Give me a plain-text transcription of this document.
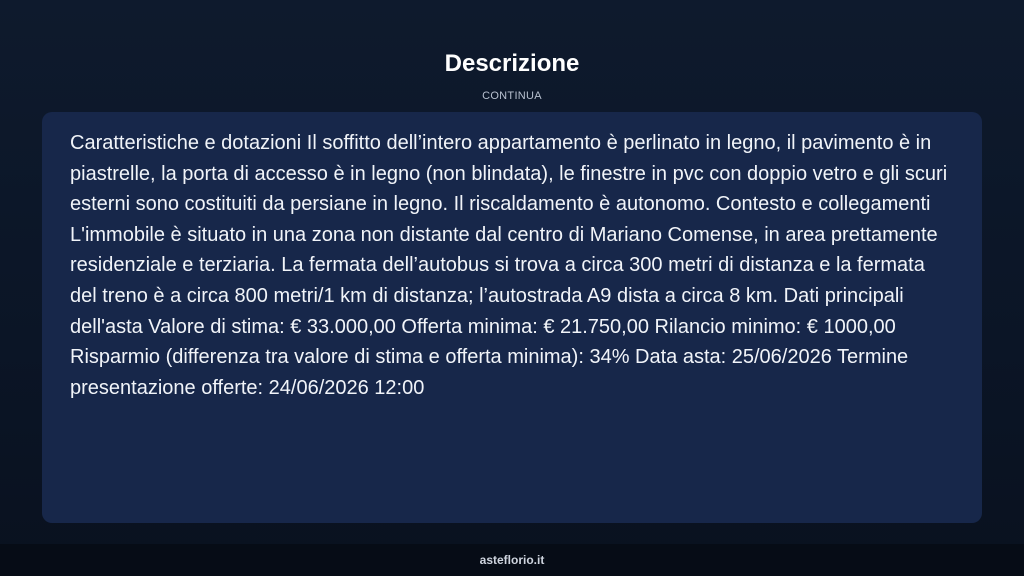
Descrizione
CONTINUA

Caratteristiche e dotazioni Il soffitto dell’intero appartamento è perlinato in legno, il pavimento è in piastrelle, la porta di accesso è in legno (non blindata), le finestre in pvc con doppio vetro e gli scuri esterni sono costituiti da persiane in legno. Il riscaldamento è autonomo. Contesto e collegamenti L'immobile è situato in una zona non distante dal centro di Mariano Comense, in area prettamente residenziale e terziaria. La fermata dell’autobus si trova a circa 300 metri di distanza e la fermata del treno è a circa 800 metri/1 km di distanza; l’autostrada A9 dista a circa 8 km. Dati principali dell'asta Valore di stima: € 33.000,00 Offerta minima: € 21.750,00 Rilancio minimo: € 1000,00 Risparmio (differenza tra valore di stima e offerta minima): 34% Data asta: 25/06/2026 Termine presentazione offerte: 24/06/2026 12:00

asteflorio.it
